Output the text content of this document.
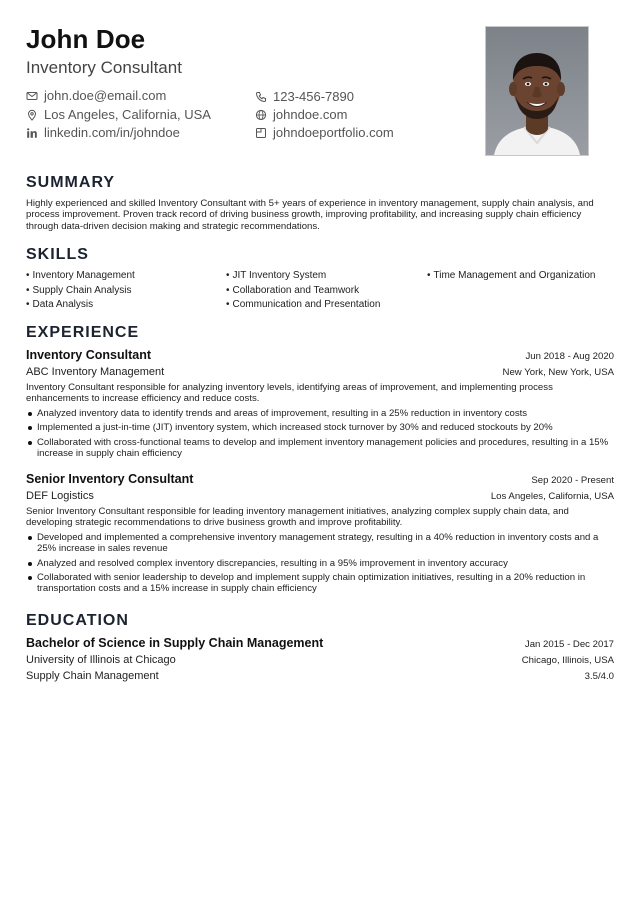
John Doe
Inventory Consultant
john.doe@email.com	123-456-7890
Los Angeles, California, USA	johndoe.com
linkedin.com/in/johndoe	johndoeportfolio.com
SUMMARY

Highly experienced and skilled Inventory Consultant with 5+ years of experience in inventory management, supply chain analysis, and process improvement. Proven track record of driving business growth, improving profitability, and increasing supply chain efficiency through data-driven decision making and strategic recommendations.

SKILLS
• Inventory Management	• JIT Inventory System	• Time Management and Organization
• Supply Chain Analysis	• Collaboration and Teamwork
• Data Analysis	• Communication and Presentation
EXPERIENCE
Inventory Consultant	Jun 2018 - Aug 2020
ABC Inventory Management	New York, New York, USA

Inventory Consultant responsible for analyzing inventory levels, identifying areas of improvement, and implementing process enhancements to increase efficiency and reduce costs.

Analyzed inventory data to identify trends and areas of improvement, resulting in a 25% reduction in inventory costs
Implemented a just-in-time (JIT) inventory system, which increased stock turnover by 30% and reduced stockouts by 20%
Collaborated with cross-functional teams to develop and implement inventory management policies and procedures, resulting in a 15% increase in supply chain efficiency
Senior Inventory Consultant	Sep 2020 - Present
DEF Logistics	Los Angeles, California, USA

Senior Inventory Consultant responsible for leading inventory management initiatives, analyzing complex supply chain data, and developing strategic recommendations to drive business growth and improve profitability.

Developed and implemented a comprehensive inventory management strategy, resulting in a 40% reduction in inventory costs and a 25% increase in sales revenue
Analyzed and resolved complex inventory discrepancies, resulting in a 95% improvement in inventory accuracy
Collaborated with senior leadership to develop and implement supply chain optimization initiatives, resulting in a 20% reduction in transportation costs and a 15% increase in supply chain efficiency
EDUCATION
Bachelor of Science in Supply Chain Management	Jan 2015 - Dec 2017
University of Illinois at Chicago	Chicago, Illinois, USA
Supply Chain Management	3.5/4.0
